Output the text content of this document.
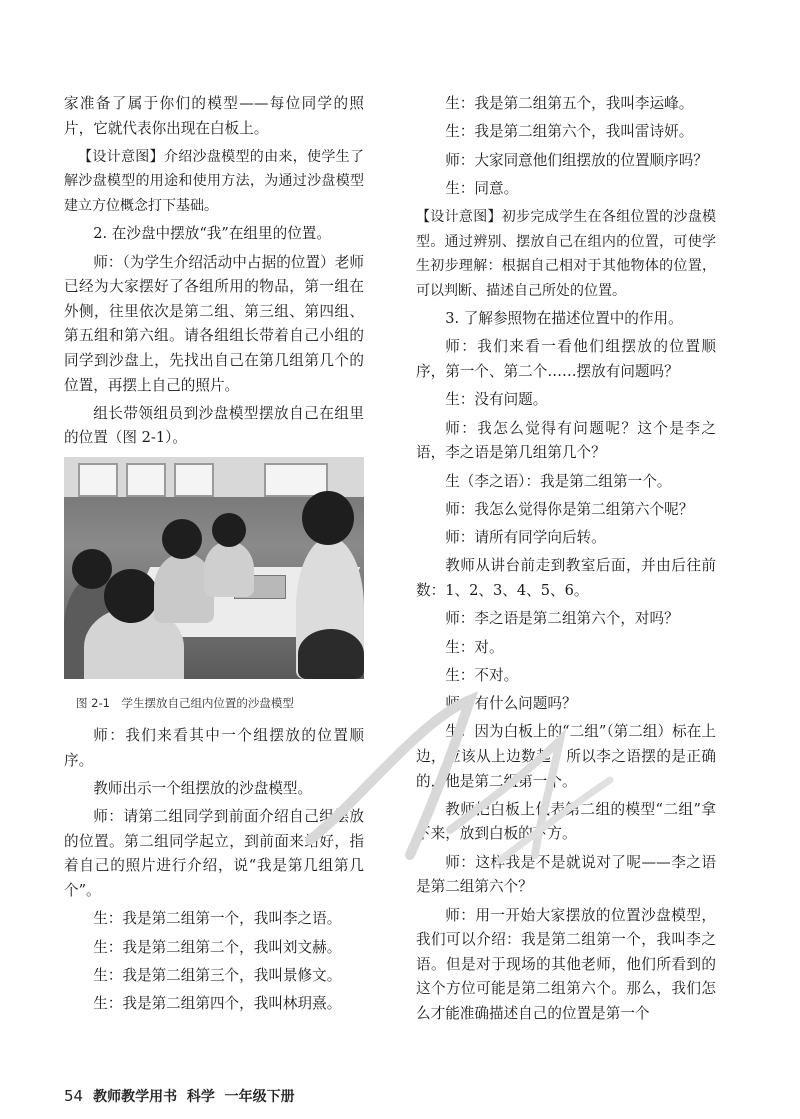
家准备了属于你们的模型——每位同学的照片，它就代表你出现在白板上。

【设计意图】介绍沙盘模型的由来，使学生了解沙盘模型的用途和使用方法，为通过沙盘模型建立方位概念打下基础。

2. 在沙盘中摆放“我”在组里的位置。

师：（为学生介绍活动中占据的位置）老师已经为大家摆好了各组所用的物品，第一组在外侧，往里依次是第二组、第三组、第四组、第五组和第六组。请各组组长带着自己小组的同学到沙盘上，先找出自己在第几组第几个的位置，再摆上自己的照片。

组长带领组员到沙盘模型摆放自己在组里的位置（图 2-1）。

图 2-1　学生摆放自己组内位置的沙盘模型

师：我们来看其中一个组摆放的位置顺序。

教师出示一个组摆放的沙盘模型。

师：请第二组同学到前面介绍自己组摆放的位置。第二组同学起立，到前面来站好，指着自己的照片进行介绍，说“我是第几组第几个”。

生：我是第二组第一个，我叫李之语。

生：我是第二组第二个，我叫刘文赫。

生：我是第二组第三个，我叫景修文。

生：我是第二组第四个，我叫林玥熹。

生：我是第二组第五个，我叫李运峰。

生：我是第二组第六个，我叫雷诗妍。

师：大家同意他们组摆放的位置顺序吗？

生：同意。

【设计意图】初步完成学生在各组位置的沙盘模型。通过辨别、摆放自己在组内的位置，可使学生初步理解：根据自己相对于其他物体的位置，可以判断、描述自己所处的位置。

3. 了解参照物在描述位置中的作用。

师：我们来看一看他们组摆放的位置顺序，第一个、第二个……摆放有问题吗？

生：没有问题。

师：我怎么觉得有问题呢？这个是李之语，李之语是第几组第几个？

生（李之语）：我是第二组第一个。

师：我怎么觉得你是第二组第六个呢？

师：请所有同学向后转。

教师从讲台前走到教室后面，并由后往前数：1、2、3、4、5、6。

师：李之语是第二组第六个，对吗？

生：对。

生：不对。

师：有什么问题吗？

生：因为白板上的“二组”（第二组）标在上边，应该从上边数起，所以李之语摆的是正确的，他是第二组第一个。

教师把白板上代表第二组的模型“二组”拿下来，放到白板的下方。

师：这样我是不是就说对了呢——李之语是第二组第六个？

师：用一开始大家摆放的位置沙盘模型，我们可以介绍：我是第二组第一个，我叫李之语。但是对于现场的其他老师，他们所看到的这个方位可能是第二组第六个。那么，我们怎么才能准确描述自己的位置是第一个

54 教师教学用书 科学 一年级下册
